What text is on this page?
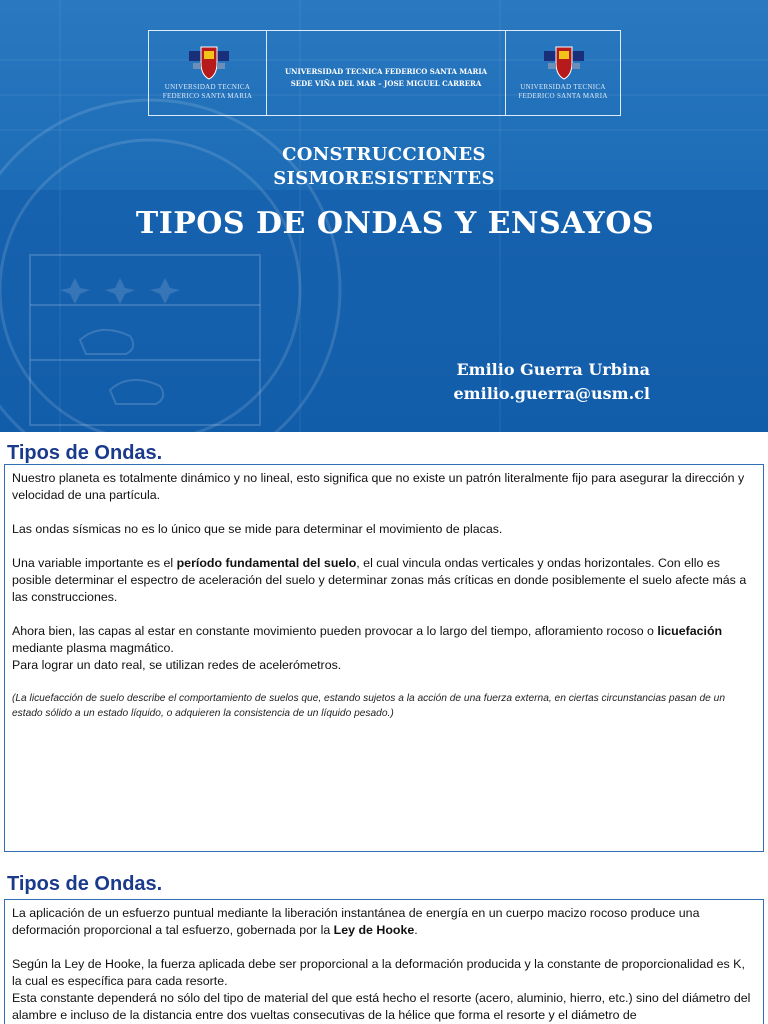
UNIVERSIDAD TECNICA
FEDERICO SANTA MARIA
UNIVERSIDAD TECNICA FEDERICO SANTA MARIA
SEDE VIÑA DEL MAR – JOSE MIGUEL CARRERA	UNIVERSIDAD TECNICA
FEDERICO SANTA MARIA
CONSTRUCCIONES
SISMORESISTENTES
TIPOS DE ONDAS Y ENSAYOS
Emilio Guerra Urbina
emilio.guerra@usm.cl
Tipos de Ondas.
Nuestro planeta es totalmente dinámico y no lineal, esto significa que no existe un patrón literalmente fijo para asegurar la dirección y velocidad de una partícula.
Las ondas sísmicas no es lo único que se mide para determinar el movimiento de placas.
Una variable importante es el período fundamental del suelo, el cual vincula ondas verticales y ondas horizontales. Con ello es posible determinar el espectro de aceleración del suelo y determinar zonas más críticas en donde posiblemente el suelo afecte más a las construcciones.
Ahora bien, las capas al estar en constante movimiento pueden provocar a lo largo del tiempo, afloramiento rocoso o licuefación mediante plasma magmático.
Para lograr un dato real, se utilizan redes de acelerómetros.
(La licuefacción de suelo describe el comportamiento de suelos que, estando sujetos a la acción de una fuerza externa, en ciertas circunstancias pasan de un estado sólido a un estado líquido, o adquieren la consistencia de un líquido pesado.)
Tipos de Ondas.
La aplicación de un esfuerzo puntual mediante la liberación instantánea de energía en un cuerpo macizo rocoso produce una deformación proporcional a tal esfuerzo, gobernada por la Ley de Hooke.
Según la Ley de Hooke, la fuerza aplicada debe ser proporcional a la deformación producida y la constante de proporcionalidad es K, la cual es específica para cada resorte.
Esta constante dependerá no sólo del tipo de material del que está hecho el resorte (acero, aluminio, hierro, etc.) sino del diámetro del alambre e incluso de la distancia entre dos vueltas consecutivas de la hélice que forma el resorte y el diámetro de
